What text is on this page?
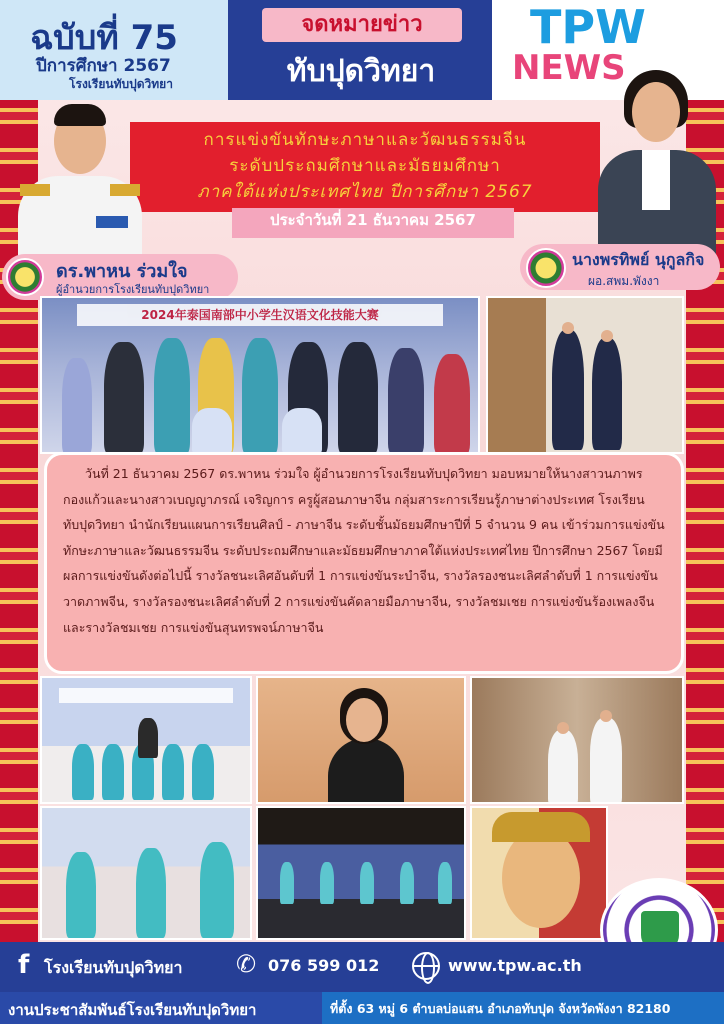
ฉบับที่ 75
ปีการศึกษา 2567
โรงเรียนทับปุดวิทยา
จดหมายข่าว
ทับปุดวิทยา
TPW
NEWS
การแข่งขันทักษะภาษาและวัฒนธรรมจีน
ระดับประถมศึกษาและมัธยมศึกษา
ภาคใต้แห่งประเทศไทย ปีการศึกษา 2567
ประจำวันที่ 21 ธันวาคม 2567
ดร.พาหน ร่วมใจ
ผู้อำนวยการโรงเรียนทับปุดวิทยา
นางพรทิพย์ นุกูลกิจ
ผอ.สพม.พังงา
2024年泰国南部中小学生汉语文化技能大赛

วันที่ 21 ธันวาคม 2567 ดร.พาหน ร่วมใจ ผู้อำนวยการโรงเรียนทับปุดวิทยา มอบหมายให้นางสาวนภาพร กองแก้วและนางสาวเบญญาภรณ์ เจริญการ ครูผู้สอนภาษาจีน กลุ่มสาระการเรียนรู้ภาษาต่างประเทศ โรงเรียนทับปุดวิทยา นำนักเรียนแผนการเรียนศิลป์ - ภาษาจีน ระดับชั้นมัธยมศึกษาปีที่ 5 จำนวน 9 คน เข้าร่วมการแข่งขันทักษะภาษาและวัฒนธรรมจีน ระดับประถมศึกษาและมัธยมศึกษาภาคใต้แห่งประเทศไทย ปีการศึกษา 2567 โดยมีผลการแข่งขันดังต่อไปนี้ รางวัลชนะเลิศอันดับที่ 1 การแข่งขันระบำจีน, รางวัลรองชนะเลิศลำดับที่ 1 การแข่งขันวาดภาพจีน, รางวัลรองชนะเลิศลำดับที่ 2 การแข่งขันคัดลายมือภาษาจีน, รางวัลชมเชย การแข่งขันร้องเพลงจีนและรางวัลชมเชย การแข่งขันสุนทรพจน์ภาษาจีน

f โรงเรียนทับปุดวิทยา ✆ 076 599 012	www.tpw.ac.th
งานประชาสัมพันธ์โรงเรียนทับปุดวิทยา	ที่ตั้ง 63 หมู่ 6 ตำบลบ่อแสน อำเภอทับปุด จังหวัดพังงา 82180
